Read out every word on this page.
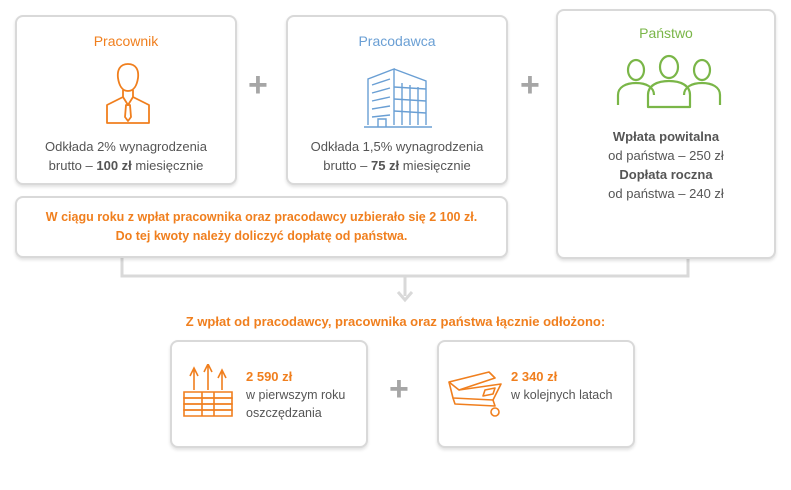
Pracownik
Odkłada 2% wynagrodzenia
brutto – 100 zł miesięcznie
+
Pracodawca
Odkłada 1,5% wynagrodzenia
brutto – 75 zł miesięcznie
+
Państwo
Wpłata powitalna
od państwa – 250 zł
Dopłata roczna
od państwa – 240 zł
W ciągu roku z wpłat pracownika oraz pracodawcy uzbierało się 2 100 zł.
Do tej kwoty należy doliczyć dopłatę od państwa.
Z wpłat od pracodawcy, pracownika oraz państwa łącznie odłożono:
2 590 zł
w pierwszym roku
oszczędzania
+	2 340 zł
w kolejnych latach
